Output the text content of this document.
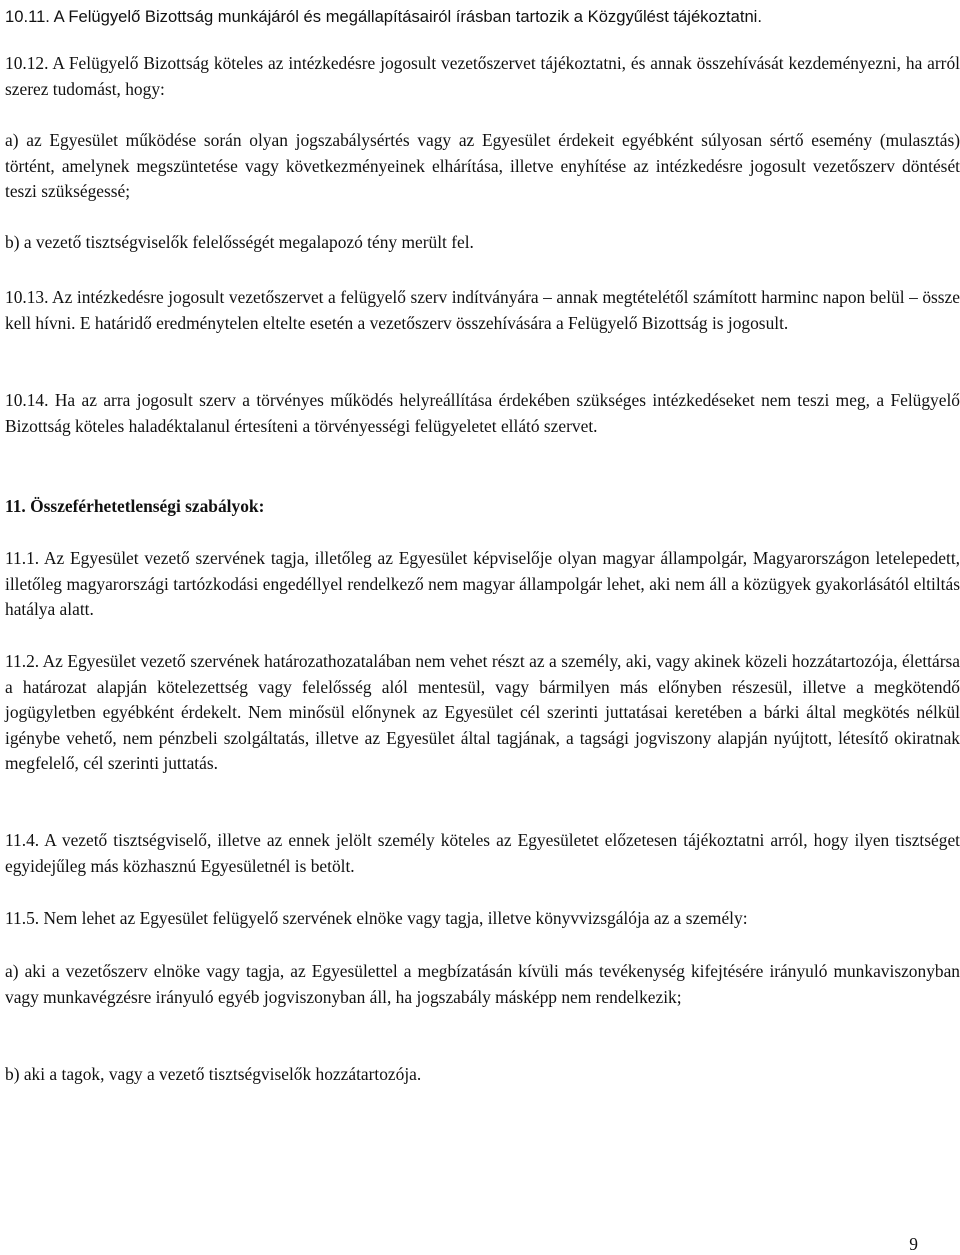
10.11. A Felügyelő Bizottság munkájáról és megállapításairól írásban tartozik a Közgyűlést tájékoztatni.

10.12. A Felügyelő Bizottság köteles az intézkedésre jogosult vezetőszervet tájékoztatni, és annak összehívását kezdeményezni, ha arról szerez tudomást, hogy:

a) az Egyesület működése során olyan jogszabálysértés vagy az Egyesület érdekeit egyébként súlyosan sértő esemény (mulasztás) történt, amelynek megszüntetése vagy következményeinek elhárítása, illetve enyhítése az intézkedésre jogosult vezetőszerv döntését teszi szükségessé;

b) a vezető tisztségviselők felelősségét megalapozó tény merült fel.

10.13. Az intézkedésre jogosult vezetőszervet a felügyelő szerv indítványára – annak megtételétől számított harminc napon belül – össze kell hívni. E határidő eredménytelen eltelte esetén a vezetőszerv összehívására a Felügyelő Bizottság is jogosult.

10.14. Ha az arra jogosult szerv a törvényes működés helyreállítása érdekében szükséges intézkedéseket nem teszi meg, a Felügyelő Bizottság köteles haladéktalanul értesíteni a törvényességi felügyeletet ellátó szervet.

11. Összeférhetetlenségi szabályok:

11.1. Az Egyesület vezető szervének tagja, illetőleg az Egyesület képviselője olyan magyar állampolgár, Magyarországon letelepedett, illetőleg magyarországi tartózkodási engedéllyel rendelkező nem magyar állampolgár lehet, aki nem áll a közügyek gyakorlásától eltiltás hatálya alatt.

11.2. Az Egyesület vezető szervének határozathozatalában nem vehet részt az a személy, aki, vagy akinek közeli hozzátartozója, élettársa a határozat alapján kötelezettség vagy felelősség alól mentesül, vagy bármilyen más előnyben részesül, illetve a megkötendő jogügyletben egyébként érdekelt. Nem minősül előnynek az Egyesület cél szerinti juttatásai keretében a bárki által megkötés nélkül igénybe vehető, nem pénzbeli szolgáltatás, illetve az Egyesület által tagjának, a tagsági jogviszony alapján nyújtott, létesítő okiratnak megfelelő, cél szerinti juttatás.

11.4. A vezető tisztségviselő, illetve az ennek jelölt személy köteles az Egyesületet előzetesen tájékoztatni arról, hogy ilyen tisztséget egyidejűleg más közhasznú Egyesületnél is betölt.

11.5. Nem lehet az Egyesület felügyelő szervének elnöke vagy tagja, illetve könyvvizsgálója az a személy:

a) aki a vezetőszerv elnöke vagy tagja, az Egyesülettel a megbízatásán kívüli más tevékenység kifejtésére irányuló munkaviszonyban vagy munkavégzésre irányuló egyéb jogviszonyban áll, ha jogszabály másképp nem rendelkezik;

b) aki a tagok, vagy a vezető tisztségviselők hozzátartozója.

9
